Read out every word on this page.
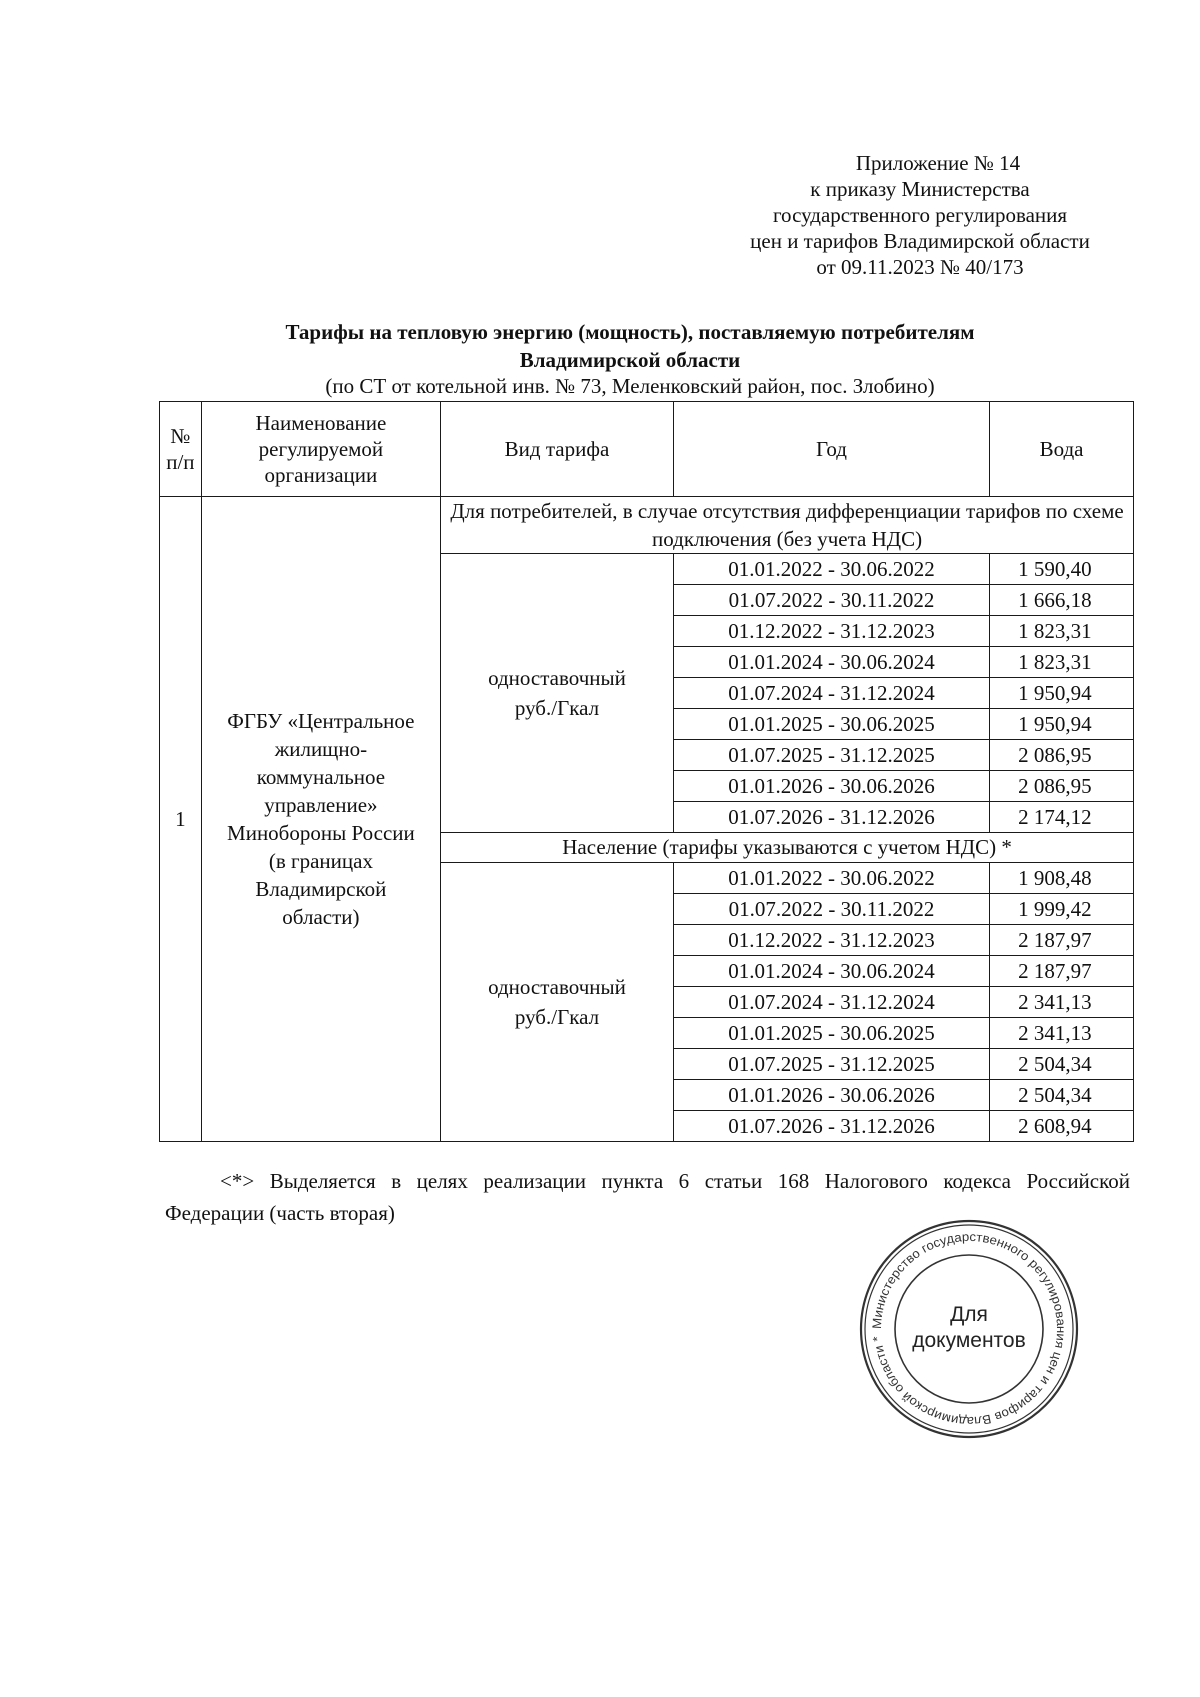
Приложение № 14
к приказу Министерства
государственного регулирования
цен и тарифов Владимирской области
от 09.11.2023 № 40/173
Тарифы на тепловую энергию (мощность), поставляемую потребителям
Владимирской области
(по СТ от котельной инв. № 73, Меленковский район, пос. Злобино)
№ п/п	Наименование регулируемой организации	Вид тарифа	Год	Вода
1	ФГБУ «Центральное жилищно-коммунальное управление» Минобороны России (в границах Владимирской области)	Для потребителей, в случае отсутствия дифференциации тарифов по схеме подключения (без учета НДС)		
		одноставочный руб./Гкал	01.01.2022 - 30.06.2022	1 590,40
			01.07.2022 - 30.11.2022	1 666,18
			01.12.2022 - 31.12.2023	1 823,31
			01.01.2024 - 30.06.2024	1 823,31
			01.07.2024 - 31.12.2024	1 950,94
			01.01.2025 - 30.06.2025	1 950,94
			01.07.2025 - 31.12.2025	2 086,95
			01.01.2026 - 30.06.2026	2 086,95
			01.07.2026 - 31.12.2026	2 174,12
		Население (тарифы указываются с учетом НДС) *		
		одноставочный руб./Гкал	01.01.2022 - 30.06.2022	1 908,48
			01.07.2022 - 30.11.2022	1 999,42
			01.12.2022 - 31.12.2023	2 187,97
			01.01.2024 - 30.06.2024	2 187,97
			01.07.2024 - 31.12.2024	2 341,13
			01.01.2025 - 30.06.2025	2 341,13
			01.07.2025 - 31.12.2025	2 504,34
			01.01.2026 - 30.06.2026	2 504,34
			01.07.2026 - 31.12.2026	2 608,94
<*> Выделяется в целях реализации пункта 6 статьи 168 Налогового кодекса Российской
Федерации (часть вторая)
Министерство государственного регулирования цен и тарифов Владимирской области *
Для документов
